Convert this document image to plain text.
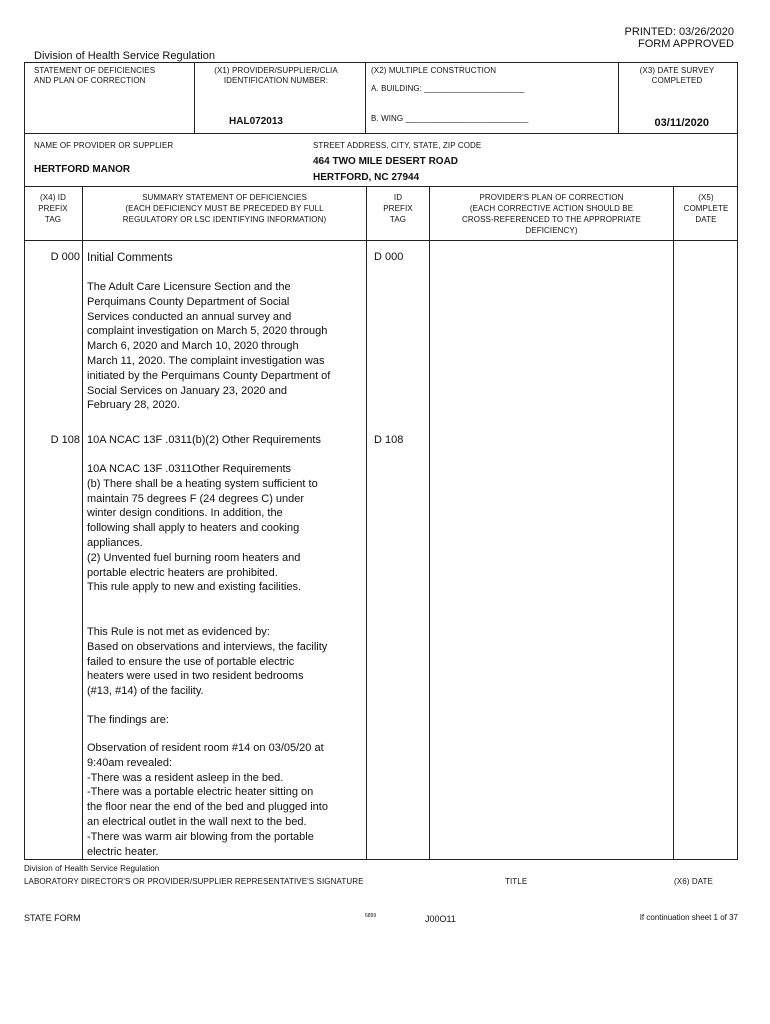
PRINTED: 03/26/2020
FORM APPROVED
Division of Health Service Regulation
STATEMENT OF DEFICIENCIES
AND PLAN OF CORRECTION
(X1) PROVIDER/SUPPLIER/CLIA
IDENTIFICATION NUMBER:
HAL072013
(X2) MULTIPLE CONSTRUCTION
A. BUILDING: ______________________
B. WING ___________________________
(X3) DATE SURVEY
COMPLETED
03/11/2020
NAME OF PROVIDER OR SUPPLIER
HERTFORD MANOR
STREET ADDRESS, CITY, STATE, ZIP CODE
464 TWO MILE DESERT ROAD
HERTFORD, NC 27944
(X4) ID
PREFIX
TAG
SUMMARY STATEMENT OF DEFICIENCIES
(EACH DEFICIENCY MUST BE PRECEDED BY FULL
REGULATORY OR LSC IDENTIFYING INFORMATION)
ID
PREFIX
TAG
PROVIDER'S PLAN OF CORRECTION
(EACH CORRECTIVE ACTION SHOULD BE
CROSS-REFERENCED TO THE APPROPRIATE
DEFICIENCY)
(X5)
COMPLETE
DATE
D 000 Initial Comments	D 000
The Adult Care Licensure Section and the
Perquimans County Department of Social
Services conducted an annual survey and
complaint investigation on March 5, 2020 through
March 6, 2020 and March 10, 2020 through
March 11, 2020. The complaint investigation was
initiated by the Perquimans County Department of
Social Services on January 23, 2020 and
February 28, 2020.
D 108 10A NCAC 13F .0311(b)(2) Other Requirements	D 108
10A NCAC 13F .0311Other Requirements
(b) There shall be a heating system sufficient to
maintain 75 degrees F (24 degrees C) under
winter design conditions. In addition, the
following shall apply to heaters and cooking
appliances.
(2) Unvented fuel burning room heaters and
portable electric heaters are prohibited.
This rule apply to new and existing facilities.
This Rule is not met as evidenced by:
Based on observations and interviews, the facility
failed to ensure the use of portable electric
heaters were used in two resident bedrooms
(#13, #14) of the facility.
The findings are:
Observation of resident room #14 on 03/05/20 at
9:40am revealed:
-There was a resident asleep in the bed.
-There was a portable electric heater sitting on
the floor near the end of the bed and plugged into
an electrical outlet in the wall next to the bed.
-There was warm air blowing from the portable
electric heater.
Division of Health Service Regulation
LABORATORY DIRECTOR'S OR PROVIDER/SUPPLIER REPRESENTATIVE'S SIGNATURE	TITLE	(X6) DATE
STATE FORM	6899	J00O11	If continuation sheet 1 of 37
